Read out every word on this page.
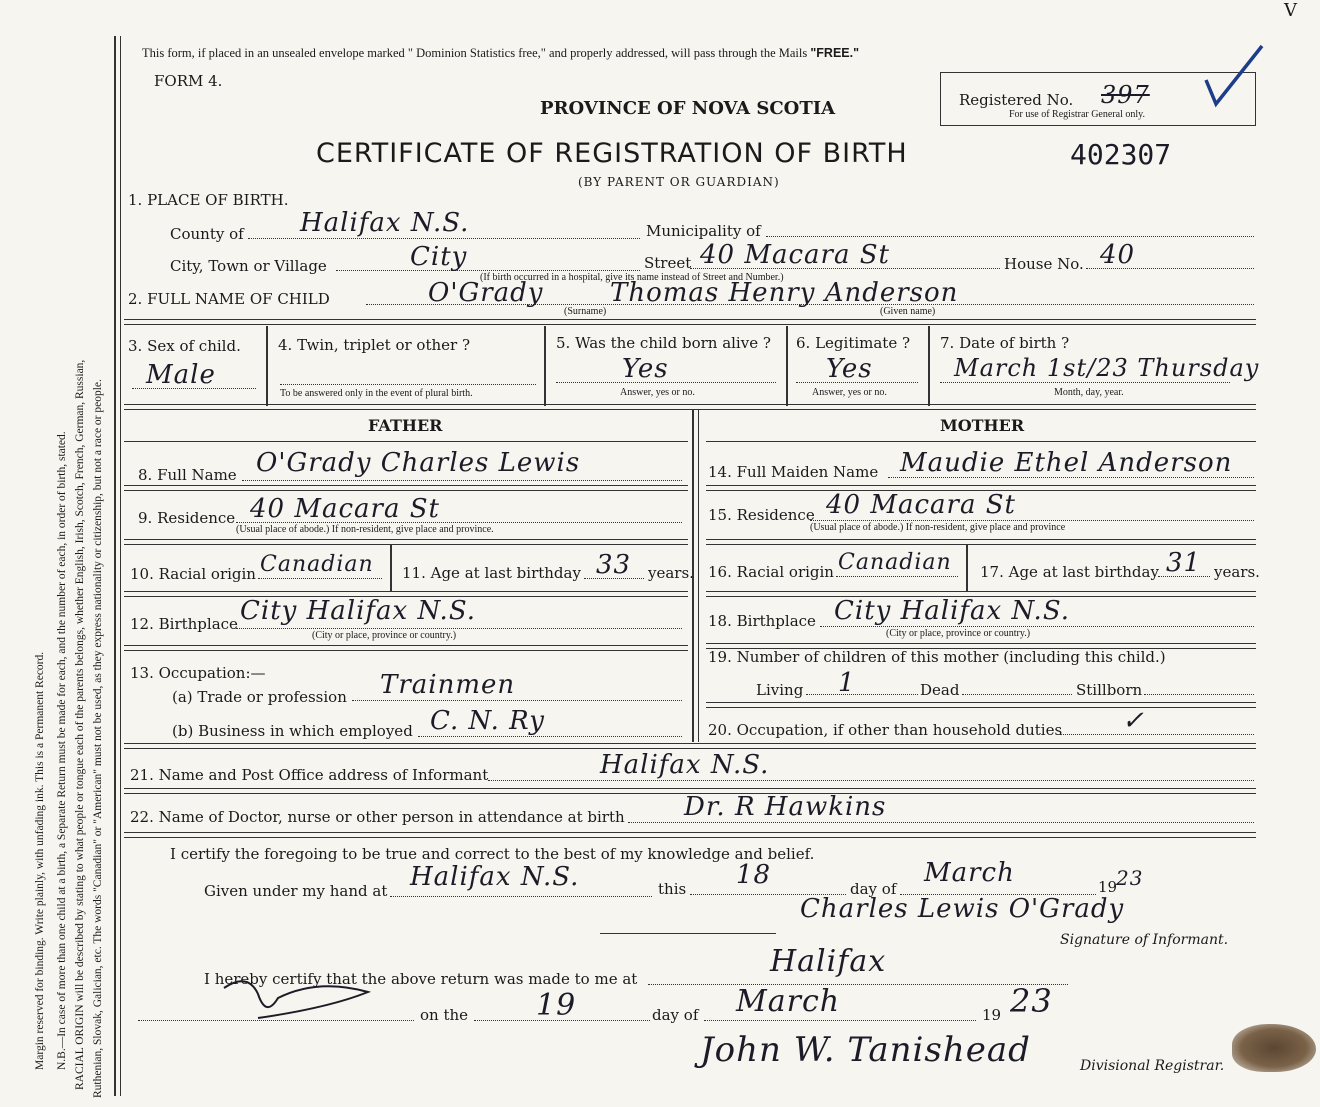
Margin reserved for binding. Write plainly, with unfading ink. This is a Permanent Record. N.B.—In case of more than one child at a birth, a Separate Return must be made for each, and the number of each, in order of birth, stated. RACIAL ORIGIN will be described by stating to what people or tongue each of the parents belongs, whether English, Irish, Scotch, French, German, Russian, Ruthenian, Slovak, Galician, etc. The words "Canadian" or "American" must not be used, as they express nationality or citizenship, but not a race or people.
This form, if placed in an unsealed envelope marked " Dominion Statistics free," and properly addressed, will pass through the Mails "FREE."
FORM 4.
PROVINCE OF NOVA SCOTIA
CERTIFICATE OF REGISTRATION OF BIRTH	402307
(BY PARENT OR GUARDIAN)
Registered No. 397
For use of Registrar General only.
V
1. PLACE OF BIRTH.
County of Halifax N.S.	Municipality of
City, Town or Village	City	Street 40 Macara St	House No. 40
(If birth occurred in a hospital, give its name instead of Street and Number.)
2. FULL NAME OF CHILD	O'Grady	Thomas Henry Anderson
(Surname)	(Given name)
3. Sex of child.
Male
4. Twin, triplet or other ?
To be answered only in the event of plural birth.
5. Was the child born alive ?
Yes
Answer, yes or no.
6. Legitimate ?
Yes
Answer, yes or no.
7. Date of birth ?
March 1st/23 Thursday
Month, day, year.
FATHER	MOTHER
8. Full Name O'Grady Charles Lewis
9. Residence 40 Macara St
(Usual place of abode.) If non-resident, give place and province.
10. Racial origin Canadian 11. Age at last birthday 33 years.
12. Birthplace City Halifax N.S.
(City or place, province or country.)
13. Occupation:—
(a) Trade or profession Trainmen
(b) Business in which employed C. N. Ry
14. Full Maiden Name Maudie Ethel Anderson
15. Residence 40 Macara St
(Usual place of abode.) If non-resident, give place and province
16. Racial origin Canadian 17. Age at last birthday 31 years.
18. Birthplace City Halifax N.S.
(City or place, province or country.)
19. Number of children of this mother (including this child.)
Living 1	Dead	Stillborn
20. Occupation, if other than household duties ✓
21. Name and Post Office address of Informant	Halifax N.S.
22. Name of Doctor, nurse or other person in attendance at birth Dr. R Hawkins
I certify the foregoing to be true and correct to the best of my knowledge and belief.
Given under my hand at Halifax N.S.	this 18	day of
March	19
23
Charles Lewis O'Grady
Signature of Informant.
I hereby certify that the above return was made to me at	Halifax
on the 19	day of March	19 23
John W. Tanishead	Divisional Registrar.
